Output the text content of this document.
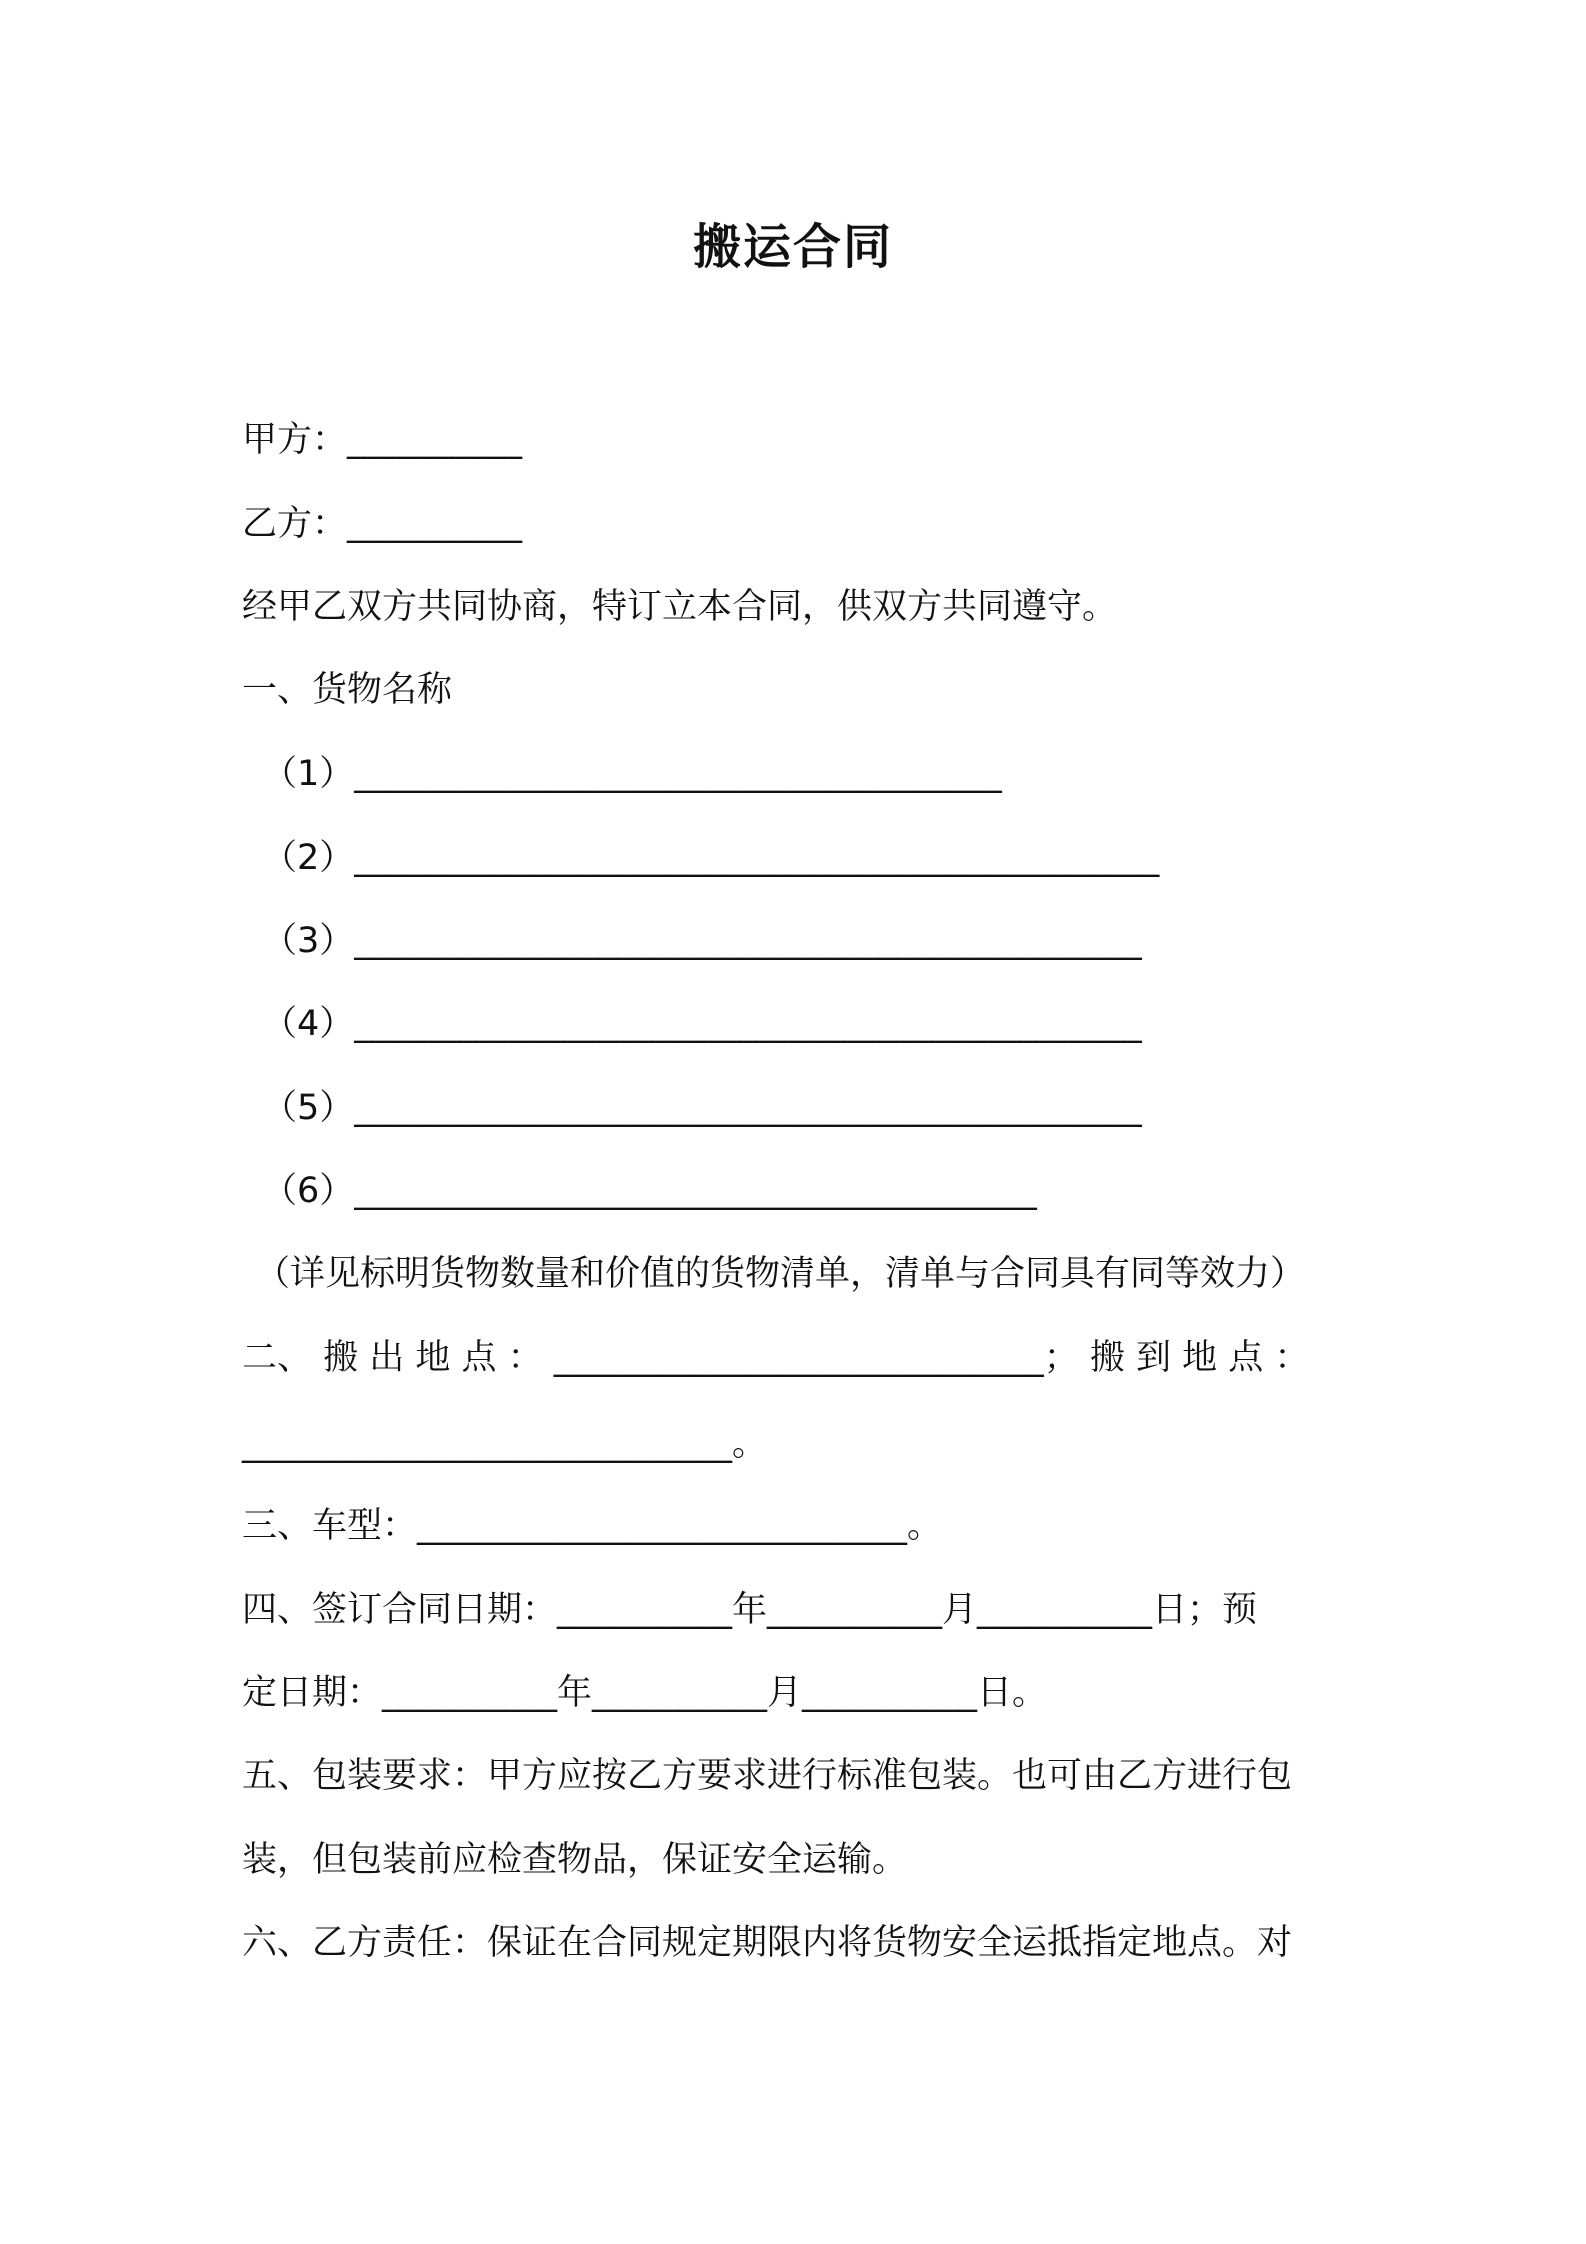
搬运合同
甲方：__________
乙方：__________
经甲乙双方共同协商，特订立本合同，供双方共同遵守。
一、货物名称
（1）_____________________________________
（2）______________________________________________
（3）_____________________________________________
（4）_____________________________________________
（5）_____________________________________________
（6）_______________________________________
（详见标明货物数量和价值的货物清单，清单与合同具有同等效力）
二、 搬 出 地 点 ： ____________________________； 搬 到 地 点 ：
____________________________。
三、车型：____________________________。
四、签订合同日期：__________年__________月__________日；预
定日期：__________年__________月__________日。
五、包装要求：甲方应按乙方要求进行标准包装。也可由乙方进行包
装，但包装前应检查物品，保证安全运输。
六、乙方责任：保证在合同规定期限内将货物安全运抵指定地点。对
